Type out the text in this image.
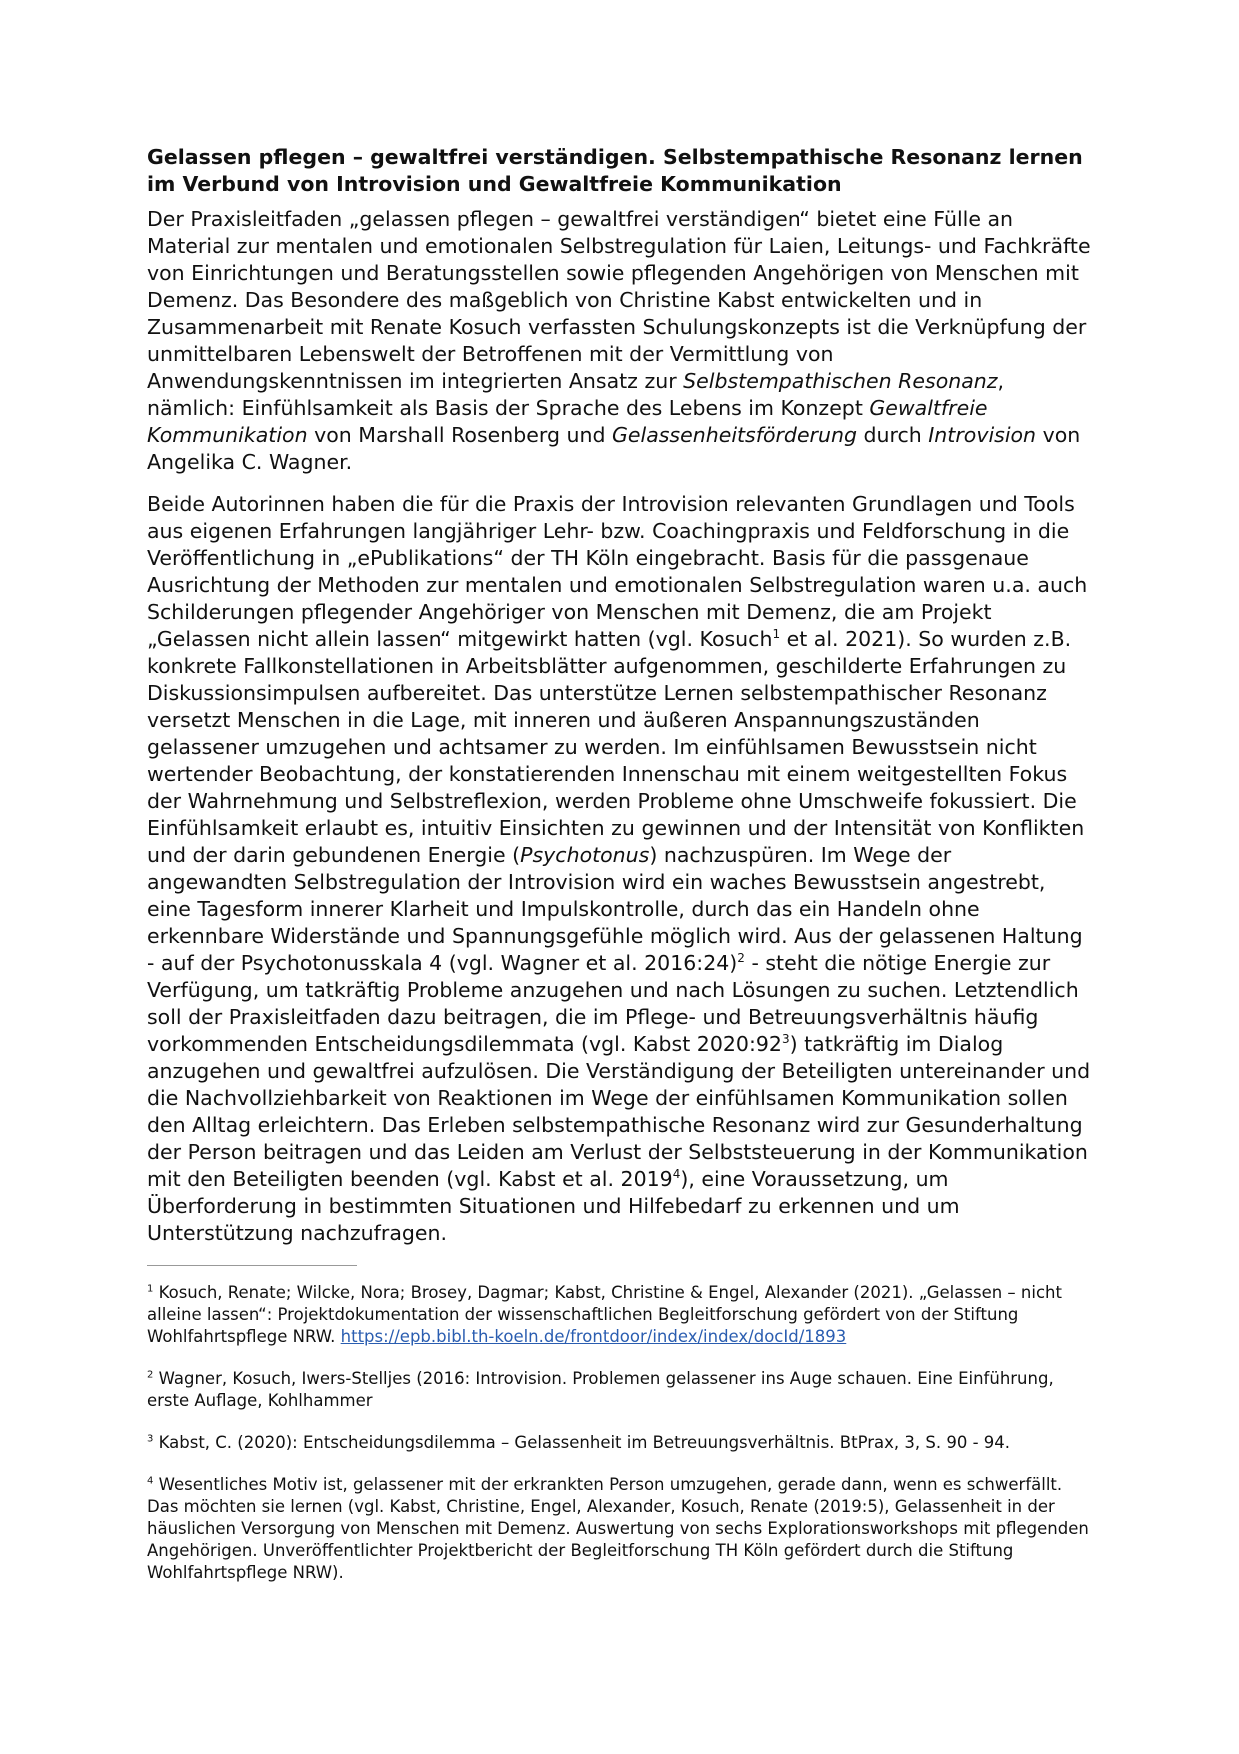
Gelassen pflegen – gewaltfrei verständigen. Selbstempathische Resonanz lernen im Verbund von Introvision und Gewaltfreie Kommunikation

Der Praxisleitfaden „gelassen pflegen – gewaltfrei verständigen“ bietet eine Fülle an Material zur mentalen und emotionalen Selbstregulation für Laien, Leitungs- und Fachkräfte von Einrichtungen und Beratungsstellen sowie pflegenden Angehörigen von Menschen mit Demenz. Das Besondere des maßgeblich von Christine Kabst entwickelten und in Zusammenarbeit mit Renate Kosuch verfassten Schulungskonzepts ist die Verknüpfung der unmittelbaren Lebenswelt der Betroffenen mit der Vermittlung von Anwendungskenntnissen im integrierten Ansatz zur Selbstempathischen Resonanz, nämlich: Einfühlsamkeit als Basis der Sprache des Lebens im Konzept Gewaltfreie Kommunikation von Marshall Rosenberg und Gelassenheitsförderung durch Introvision von Angelika C. Wagner.

Beide Autorinnen haben die für die Praxis der Introvision relevanten Grundlagen und Tools aus eigenen Erfahrungen langjähriger Lehr- bzw. Coachingpraxis und Feldforschung in die Veröffentlichung in „ePublikations“ der TH Köln eingebracht. Basis für die passgenaue Ausrichtung der Methoden zur mentalen und emotionalen Selbstregulation waren u.a. auch Schilderungen pflegender Angehöriger von Menschen mit Demenz, die am Projekt „Gelassen nicht allein lassen“ mitgewirkt hatten (vgl. Kosuch$^1$ et al. 2021). So wurden z.B. konkrete Fallkonstellationen in Arbeitsblätter aufgenommen, geschilderte Erfahrungen zu Diskussionsimpulsen aufbereitet. Das unterstütze Lernen selbstempathischer Resonanz versetzt Menschen in die Lage, mit inneren und äußeren Anspannungszuständen gelassener umzugehen und achtsamer zu werden. Im einfühlsamen Bewusstsein nicht wertender Beobachtung, der konstatierenden Innenschau mit einem weitgestellten Fokus der Wahrnehmung und Selbstreflexion, werden Probleme ohne Umschweife fokussiert. Die Einfühlsamkeit erlaubt es, intuitiv Einsichten zu gewinnen und der Intensität von Konflikten und der darin gebundenen Energie (Psychotonus) nachzuspüren. Im Wege der angewandten Selbstregulation der Introvision wird ein waches Bewusstsein angestrebt, eine Tagesform innerer Klarheit und Impulskontrolle, durch das ein Handeln ohne erkennbare Widerstände und Spannungsgefühle möglich wird. Aus der gelassenen Haltung - auf der Psychotonusskala 4 (vgl. Wagner et al. 2016:24)$^2$ - steht die nötige Energie zur Verfügung, um tatkräftig Probleme anzugehen und nach Lösungen zu suchen. Letztendlich soll der Praxisleitfaden dazu beitragen, die im Pflege- und Betreuungsverhältnis häufig vorkommenden Entscheidungsdilemmata (vgl. Kabst $2020:92^3$) tatkräftig im Dialog anzugehen und gewaltfrei aufzulösen. Die Verständigung der Beteiligten untereinander und die Nachvollziehbarkeit von Reaktionen im Wege der einfühlsamen Kommunikation sollen den Alltag erleichtern. Das Erleben selbstempathische Resonanz wird zur Gesunderhaltung der Person beitragen und das Leiden am Verlust der Selbststeuerung in der Kommunikation mit den Beteiligten beenden (vgl. Kabst et al. 2019$^4$), eine Voraussetzung, um Überforderung in bestimmten Situationen und Hilfebedarf zu erkennen und um Unterstützung nachzufragen.

$^1$ Kosuch, Renate; Wilcke, Nora; Brosey, Dagmar; Kabst, Christine & Engel, Alexander (2021). „Gelassen – nicht alleine lassen“: Projektdokumentation der wissenschaftlichen Begleitforschung gefördert von der Stiftung Wohlfahrtspflege NRW. https://epb.bibl.th-koeln.de/frontdoor/index/index/docId/1893

$^2$ Wagner, Kosuch, Iwers-Stelljes (2016: Introvision. Problemen gelassener ins Auge schauen. Eine Einführung, erste Auflage, Kohlhammer

$^3$ Kabst, C. (2020): Entscheidungsdilemma – Gelassenheit im Betreuungsverhältnis. BtPrax, 3, S. 90 - 94.

$^4$ Wesentliches Motiv ist, gelassener mit der erkrankten Person umzugehen, gerade dann, wenn es schwerfällt. Das möchten sie lernen (vgl. Kabst, Christine, Engel, Alexander, Kosuch, Renate (2019:5), Gelassenheit in der häuslichen Versorgung von Menschen mit Demenz. Auswertung von sechs Explorationsworkshops mit pflegenden Angehörigen. Unveröffentlichter Projektbericht der Begleitforschung TH Köln gefördert durch die Stiftung Wohlfahrtspflege NRW).
